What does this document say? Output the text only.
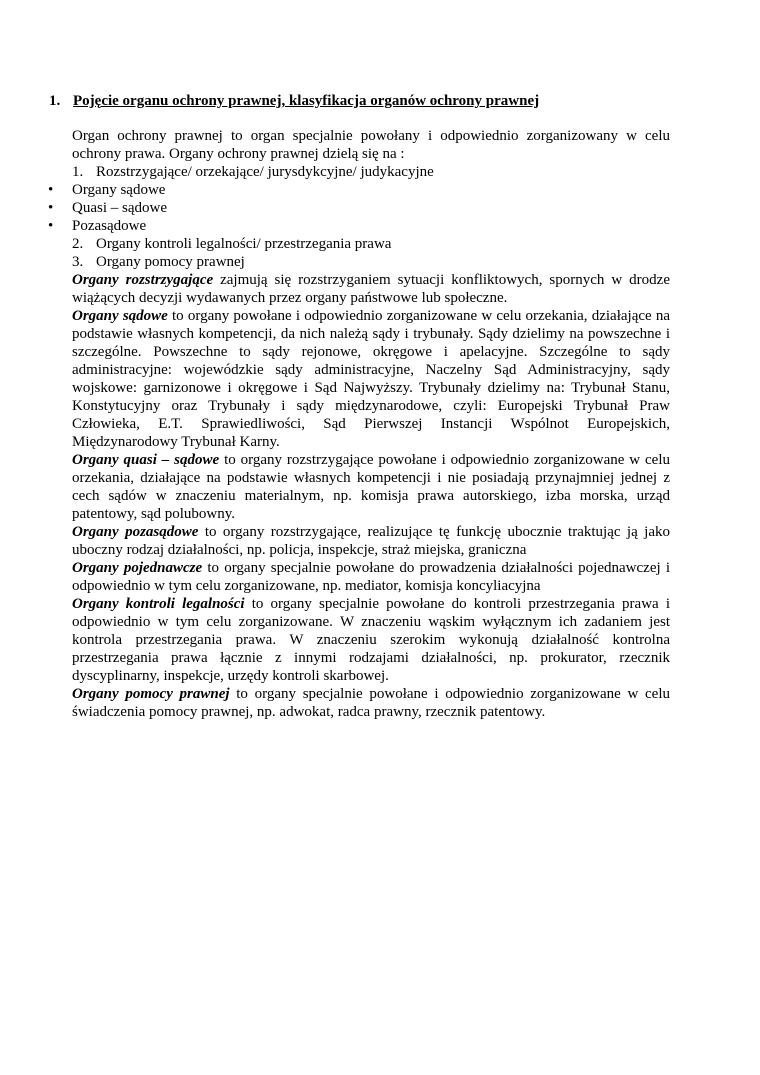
1. Pojęcie organu ochrony prawnej, klasyfikacja organów ochrony prawnej

Organ ochrony prawnej to organ specjalnie powołany i odpowiednio zorganizowany w celu ochrony prawa. Organy ochrony prawnej dzielą się na :

1. Rozstrzygające/ orzekające/ jurysdykcyjne/ judykacyjne

•	Organy sądowe

•	Quasi – sądowe

•	Pozasądowe

2. Organy kontroli legalności/ przestrzegania prawa

3. Organy pomocy prawnej

Organy rozstrzygające zajmują się rozstrzyganiem sytuacji konfliktowych, spornych w drodze wiążących decyzji wydawanych przez organy państwowe lub społeczne.

Organy sądowe to organy powołane i odpowiednio zorganizowane w celu orzekania, działające na podstawie własnych kompetencji, da nich należą sądy i trybunały. Sądy dzielimy na powszechne i szczególne. Powszechne to sądy rejonowe, okręgowe i apelacyjne. Szczególne to sądy administracyjne: wojewódzkie sądy administracyjne, Naczelny Sąd Administracyjny, sądy wojskowe: garnizonowe i okręgowe i Sąd Najwyższy. Trybunały dzielimy na: Trybunał Stanu, Konstytucyjny oraz Trybunały i sądy międzynarodowe, czyli: Europejski Trybunał Praw Człowieka, E.T. Sprawiedliwości, Sąd Pierwszej Instancji Wspólnot Europejskich, Międzynarodowy Trybunał Karny.

Organy quasi – sądowe to organy rozstrzygające powołane i odpowiednio zorganizowane w celu orzekania, działające na podstawie własnych kompetencji i nie posiadają przynajmniej jednej z cech sądów w znaczeniu materialnym, np. komisja prawa autorskiego, izba morska, urząd patentowy, sąd polubowny.

Organy pozasądowe to organy rozstrzygające, realizujące tę funkcję ubocznie traktując ją jako uboczny rodzaj działalności, np. policja, inspekcje, straż miejska, graniczna

Organy pojednawcze to organy specjalnie powołane do prowadzenia działalności pojednawczej i odpowiednio w tym celu zorganizowane, np. mediator, komisja koncyliacyjna

Organy kontroli legalności to organy specjalnie powołane do kontroli przestrzegania prawa i odpowiednio w tym celu zorganizowane. W znaczeniu wąskim wyłącznym ich zadaniem jest kontrola przestrzegania prawa. W znaczeniu szerokim wykonują działalność kontrolna przestrzegania prawa łącznie z innymi rodzajami działalności, np. prokurator, rzecznik dyscyplinarny, inspekcje, urzędy kontroli skarbowej.

Organy pomocy prawnej to organy specjalnie powołane i odpowiednio zorganizowane w celu świadczenia pomocy prawnej, np. adwokat, radca prawny, rzecznik patentowy.
